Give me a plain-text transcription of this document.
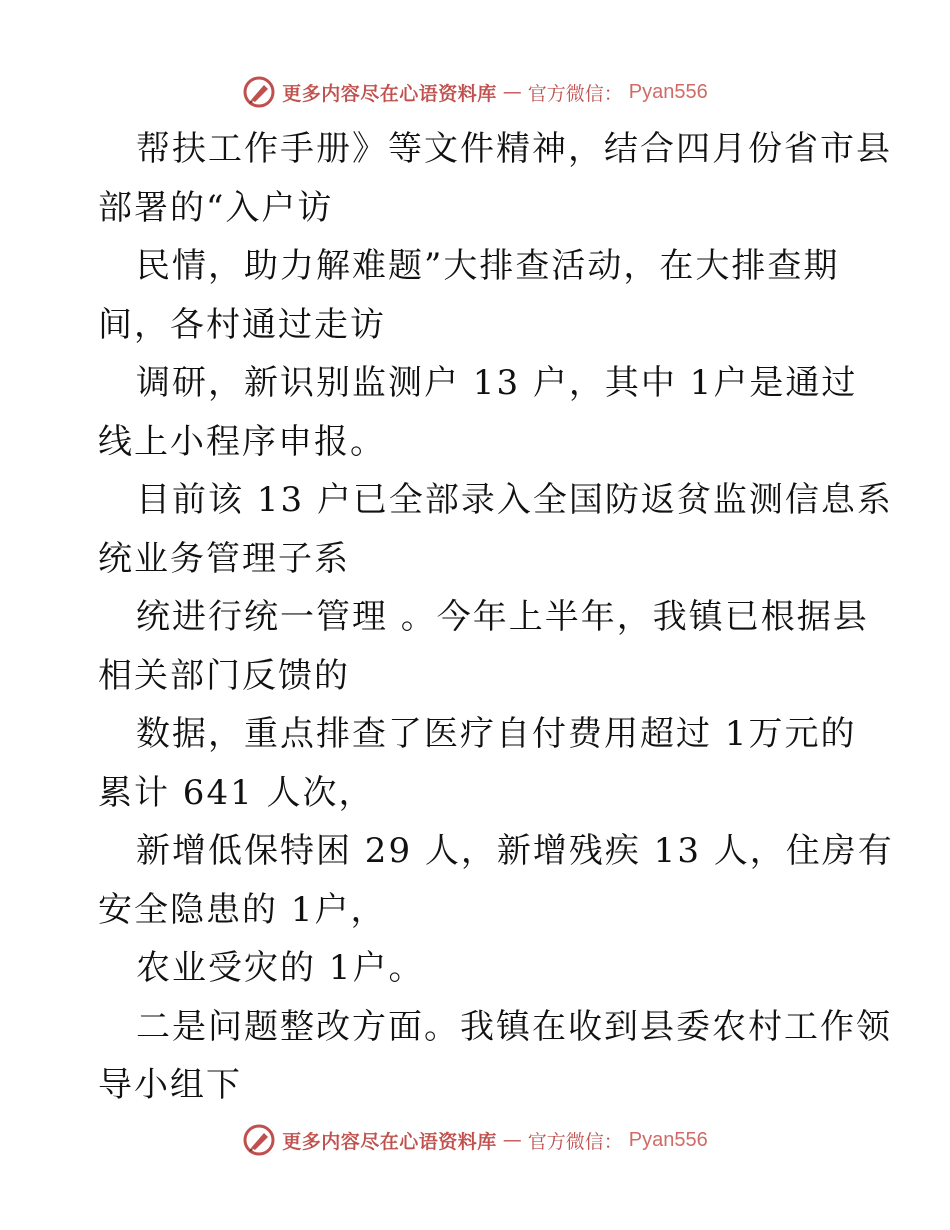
更多内容尽在心语资料库 — 官方微信： Pyan556
帮扶工作手册》等文件精神，结合四月份省市县
部署的“入户访
民情，助力解难题”大排查活动，在大排查期
间，各村通过走访
调研，新识别监测户 13 户，其中 1户是通过
线上小程序申报。
目前该 13 户已全部录入全国防返贫监测信息系
统业务管理子系
统进行统一管理 。今年上半年，我镇已根据县
相关部门反馈的
数据，重点排查了医疗自付费用超过 1万元的
累计 641 人次，
新增低保特困 29 人，新增残疾 13 人，住房有
安全隐患的 1户，
农业受灾的 1户。
二是问题整改方面。我镇在收到县委农村工作领
导小组下
更多内容尽在心语资料库 — 官方微信： Pyan556
